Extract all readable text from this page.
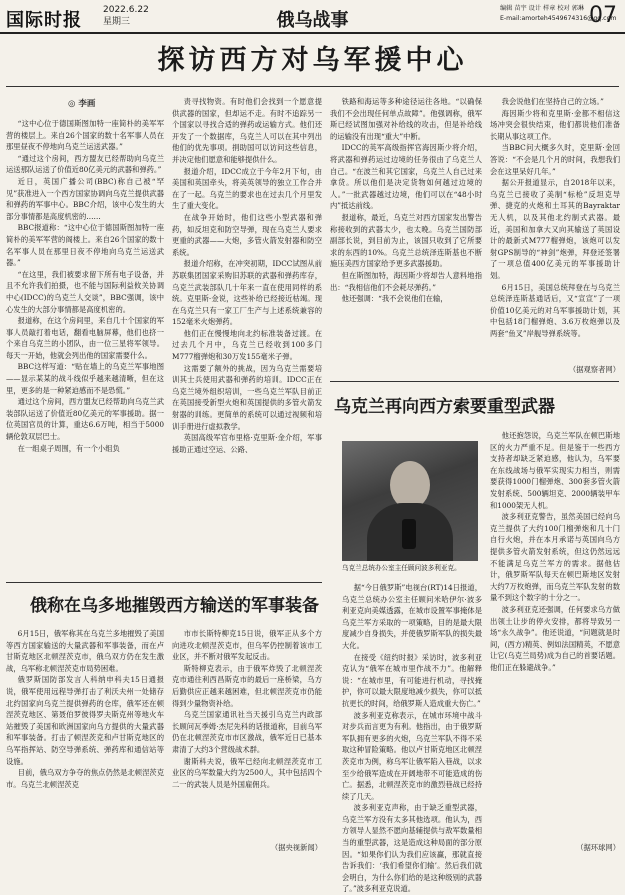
国际时报 2022.6.22
星期三	俄乌战事
编辑 苗宇 设计 样章 校对 郭琳
E-mail:amorteh4549674316@qq.com
07
探访西方对乌军援中心
◎ 李画

“这中心位于德国斯图加特一座简朴的美军军营的楼层上。来自26个国家的数十名军事人员在那里昼夜不停地向乌克兰运送武器。”

“通过这个房间，西方盟友已经帮助向乌克兰运送那队运送了价值近80亿美元的武器和弹药。”

近日，英国广播公司(BBC)称自己被“罕见”获准进入一个西方国家协调向乌克兰提供武器和弹药的军事中心。BBC介绍，该中心发生的大部分事情都是高度机密的……

BBC报道称：“这中心位于德国斯图加特一座简朴的美军军营的阁楼上。来自26个国家的数十名军事人员在那里日夜不停地向乌克兰运送武器。”

“在这里，我们被要求留下所有电子设备，并且不允许我们拍摄，也不能与国际利益攸关协调中心(IDCC)的乌克兰人交谈”，BBC强调，该中心发生的大部分事情都是高度机密的。

报道称，在这个房间里，来自几十个国家的军事人员敲打着电话，翻看电脑屏幕，他们也挤一个来自乌克兰的小团队，由一位三星将军领导。每天一开始，他就会列出他的国家需要什么。

BBC这样写道：“贴在墙上的乌克兰军事地图——显示某某的战斗线似乎越来越清晰，但在这里，更多的是一种紧迫感而不是恐慌。”

通过这个房间，西方盟友已经帮助向乌克兰武装部队运送了价值近80亿美元的军事援助。据一位英国官员的计算，重达6.6万吨，相当于5000辆伦敦双层巴士。

在一组桌子周围，有一个小组负

责寻找物资。有时他们会找到一个愿意提供武器的国家，但却运不走。有时不追踪另一个国家以寻找合适的弹药或运输方式。他们还开发了一个数据库，乌克兰人可以在其中列出他们的优先事项。捐助国可以访问这些信息，并决定他们愿意和能够提供什么。

报道介绍，IDCC成立于今年2月下旬，由美国和英国牵头，将美英领导的独立工作合并在了一起。乌克兰的要求也在过去几个月里发生了重大变化。

在战争开始时，他们这些小型武器和弹药，如反坦克和防空导弹，现在乌克兰人要求更重的武器——大炮，多管火箭发射器和防空系统。

报道介绍称，在冲突初期，IDCC试图从前苏联集团国家采购旧苏联的武器和弹药库存，乌克兰武装部队几十年来一直在使用同样的系统。克里斯·金说，这些补给已经接近枯竭。现在乌克兰只有一家工厂生产与上述系统兼容的152毫米火炮弹药。

他们正在慢慢地向北约标准装备过渡。在过去几个月中，乌克兰已经收到100多门M777榴弹炮和30万发155毫米子弹。

这需要了额外的挑战，因为乌克兰需要培训其士兵使用武器和弹药的培训。IDCC正在乌克兰境外组织培训，一些乌克兰军队目前正在英国接受新型火炮和英国提供的多管火箭发射器的训练。更简单的系统可以通过视频和培训手册进行虚拟教学。

英国高级军官布里格·克里斯·金介绍，军事援助正通过空运、公路、

铁路和海运等多种途径运往各地。“以确保我们不会出现任何单点故障”。他强调称，俄军斯已经试图加强对补给线的攻击，但是补给线的运输没有出现“重大”中断。

IDCC的英军高级指挥官海因斯少将介绍，将武器和弹药运过边境的任务很由了乌克兰人自己。“在波兰和其它国家，乌克兰人自己过来拿货。所以他们是决定货物如何越过边境的人。”一批武器越过边境，他们可以在“48小时内”抵达前线。

报道称，最近，乌克兰对西方国家发出警告称接收到的武器太少，也太晚。乌克兰国防部副部长说，到目前为止，该国只收到了它所要求的东西的10%。乌克兰总统泽连斯基也不断施压美西方国家给予更多武器援助。

但在斯图加特，海因斯少将却告人意料地指出：“我相信他们不会耗尽弹药。”

他还强调：“我不会说他们在输，

我会说他们在坚持自己的立场。”

海因斯少将和克里斯·金都不相信这场冲突会很快结束，他们都说他们准备长期从事这项工作。

当BBC问大概多久时，克里斯·金回答说：“不会是几个月的时间，我想我们会在这里呆好几年。”

据公开报道显示，自2018年以来，乌克兰已接收了美制“标枪”反坦克导弹、捷克的火炮和土耳其的Bayraktar无人机，以及其他北约制式武器。最近，美国和加拿大又向其输送了英国设计的最新式M777榴弹炮，该炮可以发射GPS制导的“神剑”炮弹，拜登还签署了一项总值400亿美元的军事援助计划。

6月15日，美国总统拜登在与乌克兰总统泽连斯基通话后，又“宣宣”了一项价值10亿美元的对乌军事援助计划，其中包括18门榴弹炮、3.6万枚炮弹以及两套“鱼叉”岸舰导弹系统等。

（据观察者网）
乌克兰再向西方索要重型武器
乌克兰总统办公室主任顾问波多利亚克。

据“今日俄罗斯”电视台(RT)14日报道，乌克兰总统办公室主任顾问米哈伊尔·波多利亚克向美媒透露，在城市设置军事掩体是乌克兰军方采取的一项策略，目的是最大限度减少自身损失，并使俄罗斯军队的损失最大化。

在接受《纽约时报》采访时，波多利亚克认为“俄军在城市里作战不力”。他解释说：“在城市里，有可能进行机动，寻找掩护，你可以最大限度地减少损失，你可以抵抗更长的时间，给俄罗斯人造成重大伤亡。”

波多利亚克称表示，在城市环境中战斗对步兵而言更为有利。他指出，由于俄罗斯军队拥有更多的火炮，乌克兰军队不得不采取这种冒险策略。他以卢甘斯克地区北顿涅茨克市为例，称乌军让俄军陷入巷战，以求至少给俄军造成在开阔地带不可能造成的伤亡。据悉，北顿涅茨克市的激烈巷战已经持续了几天。

波多利亚克声称，由于缺乏重型武器，乌克兰军方没有太多其他选项。他认为，西方领导人显然不愿向基辅提供与敌军数量相当的重型武器，这是造成这种局面的部分原因。“如果你们认为我们应该赢，那就直接告诉我们：‘我们希望你们输’。然后我们就会明白，为什么你们给的是这种级别的武器了。”波多利亚克说道。

他还抱怨说，乌克兰军队在顿巴斯地区的火力严重不足。但是鉴于一些西方支持者却缺乏紧迫感，他认为，乌军要在东线战场与俄军实现实力相当，则需要获得1000门榴弹炮、300套多管火箭发射系统、500辆坦克、2000辆装甲车和1000架无人机。

波多利亚克警告，虽然美国已经向乌克兰提供了大约100门榴弹炮和几十门自行火炮，并在本月承诺与英国向乌方提供多管火箭发射系统，但这仍然远远不能满足乌克兰军方的需求。据他估计，俄罗斯军队每天在顿巴斯地区发射大约7万枚炮弹，而乌克兰军队发射的数量不到这个数字的十分之一。

波多利亚克还强调，任何要求乌方做出领土让步的停火安排，都将导致另一场“永久战争”。他还说道，“问题就是时间，(西方)精英、例如法国精英，不愿意让它(乌克兰局势)成为自己的首要话题。他们正在躲避战争。”

（据环球网）
俄称在乌多地摧毁西方输送的军事装备

6月15日，俄军称其在乌克兰多地摧毁了美国等西方国家输送的大量武器和军事装备，而在卢甘斯克地区北顿涅茨克市，俄乌双方仍在发生激战，乌军称北顿涅茨克市局势困难。

俄罗斯国防部发言人科纳申科夫15日通报说，俄军使用远程导弹打击了利沃夫州一处储存北约国家向乌克兰提供弹药的仓库，俄军还在顿涅茨克地区、第聂伯罗彼得罗夫斯克州等地火车站摧毁了美国和欧洲国家向乌方提供的大量武器和军事装备。打击了顿涅茨克和卢甘斯克地区的乌军指挥站、防空导弹系统、弹药库和通信站等设施。

目前，俄乌双方争夺的焦点仍然是北顿涅茨克市。乌克兰北顿涅茨克

市市长斯特柳克15日说，俄军正从多个方向进攻北顿涅茨克市，但乌军仍控制着该市工业区，并不断对俄军发起反击。

斯特柳克表示，由于俄军炸毁了北顿涅茨克市通往利西昌斯克市的最后一座桥梁，乌方后勤供应正越来越困难，但北顿涅茨克市仍能得到少量物资补给。

乌克兰国家通讯社当天援引乌克兰内政部长顾问瓦季姆·杰尼先科的话报道称，目前乌军仍在北顿涅茨克市市区激战，俄军近日已基本肃清了大约3个营级战术群。

谢斯科夫说，俄军已经向北顿涅茨克市工业区的乌军数量大约为2500人，其中包括四个二一的武装人员是外国雇佣兵。

（据央视新闻）
